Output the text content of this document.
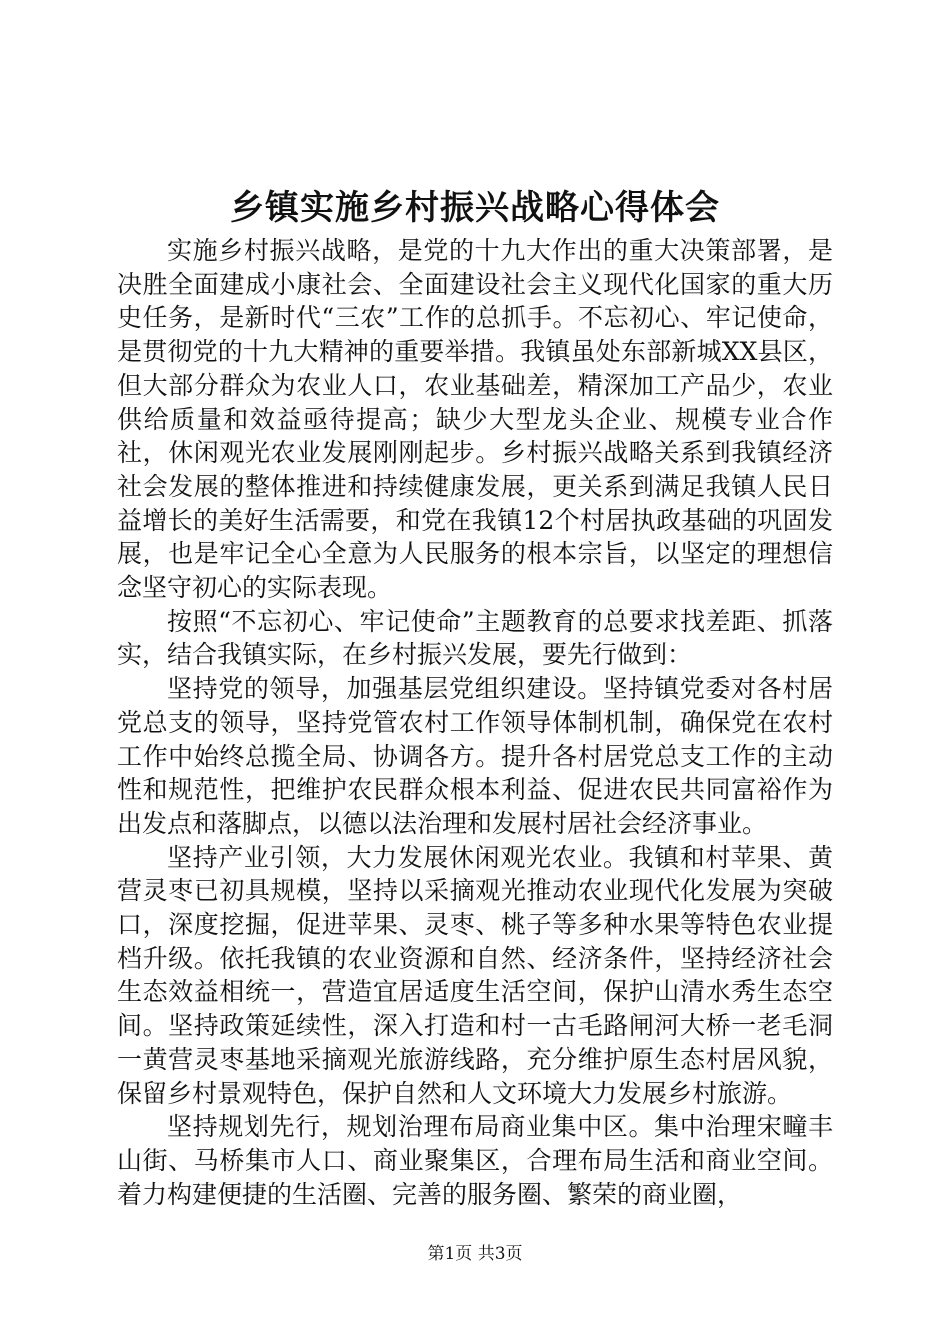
乡镇实施乡村振兴战略心得体会

实施乡村振兴战略，是党的十九大作出的重大决策部署，是决胜全面建成小康社会、全面建设社会主义现代化国家的重大历史任务，是新时代“三农”工作的总抓手。不忘初心、牢记使命，是贯彻党的十九大精神的重要举措。我镇虽处东部新城XX县区，但大部分群众为农业人口，农业基础差，精深加工产品少，农业供给质量和效益亟待提高；缺少大型龙头企业、规模专业合作社，休闲观光农业发展刚刚起步。乡村振兴战略关系到我镇经济社会发展的整体推进和持续健康发展，更关系到满足我镇人民日益增长的美好生活需要，和党在我镇12个村居执政基础的巩固发展，也是牢记全心全意为人民服务的根本宗旨，以坚定的理想信念坚守初心的实际表现。

按照“不忘初心、牢记使命”主题教育的总要求找差距、抓落实，结合我镇实际，在乡村振兴发展，要先行做到：

坚持党的领导，加强基层党组织建设。坚持镇党委对各村居党总支的领导，坚持党管农村工作领导体制机制，确保党在农村工作中始终总揽全局、协调各方。提升各村居党总支工作的主动性和规范性，把维护农民群众根本利益、促进农民共同富裕作为出发点和落脚点，以德以法治理和发展村居社会经济事业。

坚持产业引领，大力发展休闲观光农业。我镇和村苹果、黄营灵枣已初具规模，坚持以采摘观光推动农业现代化发展为突破口，深度挖掘，促进苹果、灵枣、桃子等多种水果等特色农业提档升级。依托我镇的农业资源和自然、经济条件，坚持经济社会生态效益相统一，营造宜居适度生活空间，保护山清水秀生态空间。坚持政策延续性，深入打造和村一古毛路闸河大桥一老毛洞一黄营灵枣基地采摘观光旅游线路，充分维护原生态村居风貌，保留乡村景观特色，保护自然和人文环境大力发展乡村旅游。

坚持规划先行，规划治理布局商业集中区。集中治理宋疃丰山街、马桥集市人口、商业聚集区，合理布局生活和商业空间。着力构建便捷的生活圈、完善的服务圈、繁荣的商业圈，

第1页 共3页
